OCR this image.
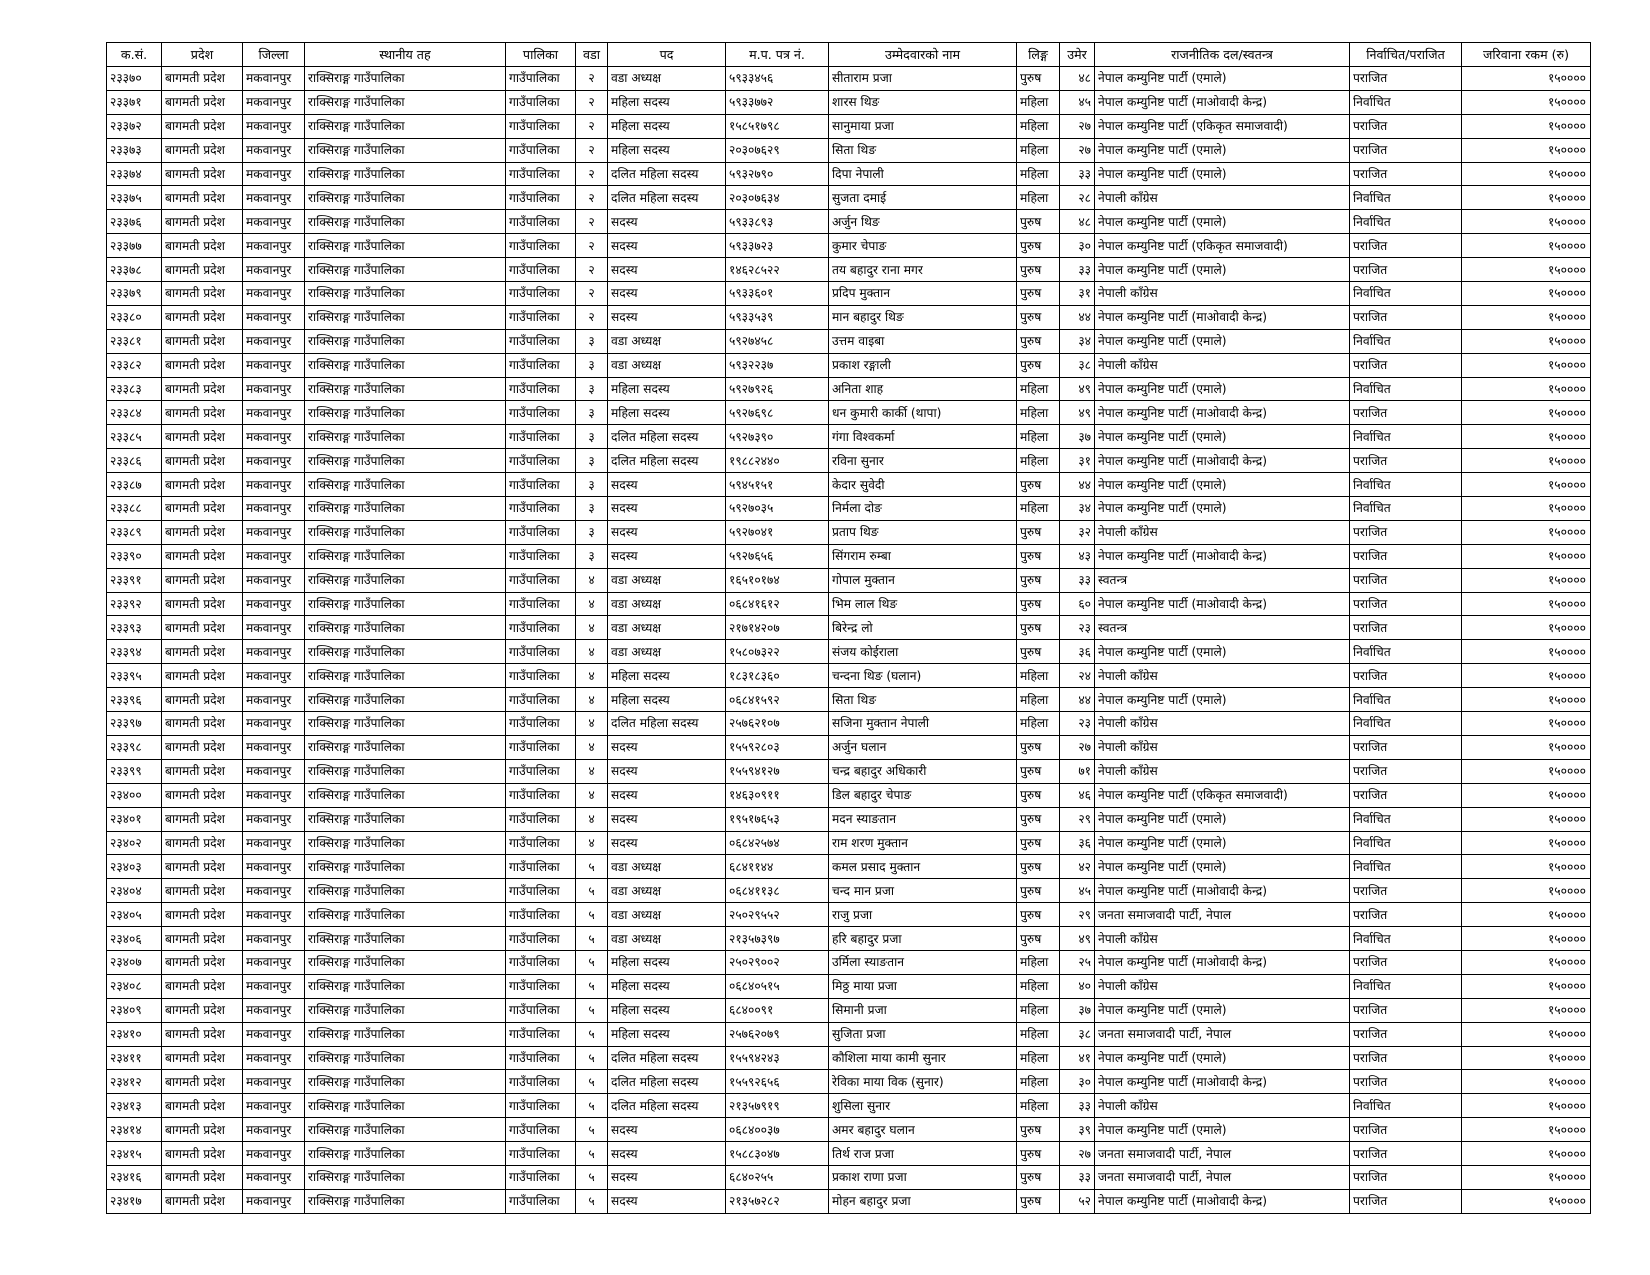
क.सं.	प्रदेश	जिल्ला	स्थानीय तह	पालिका	वडा	पद	म.प. पत्र नं.	उम्मेदवारको नाम	लिङ्ग	उमेर	राजनीतिक दल/स्वतन्त्र	निर्वाचित/पराजित	जरिवाना रकम (रु)
२३३७०	बागमती प्रदेश	मकवानपुर	राक्सिराङ्ग गाउँपालिका	गाउँपालिका	२	वडा अध्यक्ष	५९३३४५६	सीताराम प्रजा	पुरुष	४८	नेपाल कम्युनिष्ट पार्टी (एमाले)	पराजित	१५००००
२३३७१	बागमती प्रदेश	मकवानपुर	राक्सिराङ्ग गाउँपालिका	गाउँपालिका	२	महिला सदस्य	५९३३७७२	शारस थिङ	महिला	४५	नेपाल कम्युनिष्ट पार्टी (माओवादी केन्द्र)	निर्वाचित	१५००००
२३३७२	बागमती प्रदेश	मकवानपुर	राक्सिराङ्ग गाउँपालिका	गाउँपालिका	२	महिला सदस्य	१५८५१७९८	सानुमाया प्रजा	महिला	२७	नेपाल कम्युनिष्ट पार्टी (एकिकृत समाजवादी)	पराजित	१५००००
२३३७३	बागमती प्रदेश	मकवानपुर	राक्सिराङ्ग गाउँपालिका	गाउँपालिका	२	महिला सदस्य	२०३०७६२९	सिता थिङ	महिला	२७	नेपाल कम्युनिष्ट पार्टी (एमाले)	पराजित	१५००००
२३३७४	बागमती प्रदेश	मकवानपुर	राक्सिराङ्ग गाउँपालिका	गाउँपालिका	२	दलित महिला सदस्य	५९३२७९०	दिपा नेपाली	महिला	३३	नेपाल कम्युनिष्ट पार्टी (एमाले)	पराजित	१५००००
२३३७५	बागमती प्रदेश	मकवानपुर	राक्सिराङ्ग गाउँपालिका	गाउँपालिका	२	दलित महिला सदस्य	२०३०७६३४	सुजता दमाई	महिला	२८	नेपाली काँग्रेस	निर्वाचित	१५००००
२३३७६	बागमती प्रदेश	मकवानपुर	राक्सिराङ्ग गाउँपालिका	गाउँपालिका	२	सदस्य	५९३३८९३	अर्जुन थिङ	पुरुष	४८	नेपाल कम्युनिष्ट पार्टी (एमाले)	निर्वाचित	१५००००
२३३७७	बागमती प्रदेश	मकवानपुर	राक्सिराङ्ग गाउँपालिका	गाउँपालिका	२	सदस्य	५९३३७२३	कुमार चेपाङ	पुरुष	३०	नेपाल कम्युनिष्ट पार्टी (एकिकृत समाजवादी)	पराजित	१५००००
२३३७८	बागमती प्रदेश	मकवानपुर	राक्सिराङ्ग गाउँपालिका	गाउँपालिका	२	सदस्य	१४६२८५२२	तय बहादुर राना मगर	पुरुष	३३	नेपाल कम्युनिष्ट पार्टी (एमाले)	पराजित	१५००००
२३३७९	बागमती प्रदेश	मकवानपुर	राक्सिराङ्ग गाउँपालिका	गाउँपालिका	२	सदस्य	५९३३६०१	प्रदिप मुक्तान	पुरुष	३१	नेपाली काँग्रेस	निर्वाचित	१५००००
२३३८०	बागमती प्रदेश	मकवानपुर	राक्सिराङ्ग गाउँपालिका	गाउँपालिका	२	सदस्य	५९३३५३९	मान बहादुर थिङ	पुरुष	४४	नेपाल कम्युनिष्ट पार्टी (माओवादी केन्द्र)	पराजित	१५००००
२३३८१	बागमती प्रदेश	मकवानपुर	राक्सिराङ्ग गाउँपालिका	गाउँपालिका	३	वडा अध्यक्ष	५९२७४५८	उत्तम वाइबा	पुरुष	३४	नेपाल कम्युनिष्ट पार्टी (एमाले)	निर्वाचित	१५००००
२३३८२	बागमती प्रदेश	मकवानपुर	राक्सिराङ्ग गाउँपालिका	गाउँपालिका	३	वडा अध्यक्ष	५९३२२३७	प्रकाश रङ्गाली	पुरुष	३८	नेपाली काँग्रेस	पराजित	१५००००
२३३८३	बागमती प्रदेश	मकवानपुर	राक्सिराङ्ग गाउँपालिका	गाउँपालिका	३	महिला सदस्य	५९२७९२६	अनिता शाह	महिला	४९	नेपाल कम्युनिष्ट पार्टी (एमाले)	निर्वाचित	१५००००
२३३८४	बागमती प्रदेश	मकवानपुर	राक्सिराङ्ग गाउँपालिका	गाउँपालिका	३	महिला सदस्य	५९२७६९८	धन कुमारी कार्की (थापा)	महिला	४९	नेपाल कम्युनिष्ट पार्टी (माओवादी केन्द्र)	पराजित	१५००००
२३३८५	बागमती प्रदेश	मकवानपुर	राक्सिराङ्ग गाउँपालिका	गाउँपालिका	३	दलित महिला सदस्य	५९२७३९०	गंगा विश्वकर्मा	महिला	३७	नेपाल कम्युनिष्ट पार्टी (एमाले)	निर्वाचित	१५००००
२३३८६	बागमती प्रदेश	मकवानपुर	राक्सिराङ्ग गाउँपालिका	गाउँपालिका	३	दलित महिला सदस्य	१९८८२४४०	रविना सुनार	महिला	३१	नेपाल कम्युनिष्ट पार्टी (माओवादी केन्द्र)	पराजित	१५००००
२३३८७	बागमती प्रदेश	मकवानपुर	राक्सिराङ्ग गाउँपालिका	गाउँपालिका	३	सदस्य	५९४५१५१	केदार सुवेदी	पुरुष	४४	नेपाल कम्युनिष्ट पार्टी (एमाले)	निर्वाचित	१५००००
२३३८८	बागमती प्रदेश	मकवानपुर	राक्सिराङ्ग गाउँपालिका	गाउँपालिका	३	सदस्य	५९२७०३५	निर्मला दोङ	महिला	३४	नेपाल कम्युनिष्ट पार्टी (एमाले)	निर्वाचित	१५००००
२३३८९	बागमती प्रदेश	मकवानपुर	राक्सिराङ्ग गाउँपालिका	गाउँपालिका	३	सदस्य	५९२७०४१	प्रताप थिङ	पुरुष	३२	नेपाली काँग्रेस	पराजित	१५००००
२३३९०	बागमती प्रदेश	मकवानपुर	राक्सिराङ्ग गाउँपालिका	गाउँपालिका	३	सदस्य	५९२७६५६	सिंगराम रुम्बा	पुरुष	४३	नेपाल कम्युनिष्ट पार्टी (माओवादी केन्द्र)	पराजित	१५००००
२३३९१	बागमती प्रदेश	मकवानपुर	राक्सिराङ्ग गाउँपालिका	गाउँपालिका	४	वडा अध्यक्ष	१६५१०१७४	गोपाल मुक्तान	पुरुष	३३	स्वतन्त्र	पराजित	१५००००
२३३९२	बागमती प्रदेश	मकवानपुर	राक्सिराङ्ग गाउँपालिका	गाउँपालिका	४	वडा अध्यक्ष	०६८४१६१२	भिम लाल थिङ	पुरुष	६०	नेपाल कम्युनिष्ट पार्टी (माओवादी केन्द्र)	पराजित	१५००००
२३३९३	बागमती प्रदेश	मकवानपुर	राक्सिराङ्ग गाउँपालिका	गाउँपालिका	४	वडा अध्यक्ष	२१७१४२०७	बिरेन्द्र लो	पुरुष	२३	स्वतन्त्र	पराजित	१५००००
२३३९४	बागमती प्रदेश	मकवानपुर	राक्सिराङ्ग गाउँपालिका	गाउँपालिका	४	वडा अध्यक्ष	१५८०७३२२	संजय कोईराला	पुरुष	३६	नेपाल कम्युनिष्ट पार्टी (एमाले)	निर्वाचित	१५००००
२३३९५	बागमती प्रदेश	मकवानपुर	राक्सिराङ्ग गाउँपालिका	गाउँपालिका	४	महिला सदस्य	१८३१८३६०	चन्दना थिङ (घलान)	महिला	२४	नेपाली काँग्रेस	पराजित	१५००००
२३३९६	बागमती प्रदेश	मकवानपुर	राक्सिराङ्ग गाउँपालिका	गाउँपालिका	४	महिला सदस्य	०६८४१५९२	सिता थिङ	महिला	४४	नेपाल कम्युनिष्ट पार्टी (एमाले)	निर्वाचित	१५००००
२३३९७	बागमती प्रदेश	मकवानपुर	राक्सिराङ्ग गाउँपालिका	गाउँपालिका	४	दलित महिला सदस्य	२५७६२१०७	सजिना मुक्तान नेपाली	महिला	२३	नेपाली काँग्रेस	निर्वाचित	१५००००
२३३९८	बागमती प्रदेश	मकवानपुर	राक्सिराङ्ग गाउँपालिका	गाउँपालिका	४	सदस्य	१५५९२८०३	अर्जुन घलान	पुरुष	२७	नेपाली काँग्रेस	पराजित	१५००००
२३३९९	बागमती प्रदेश	मकवानपुर	राक्सिराङ्ग गाउँपालिका	गाउँपालिका	४	सदस्य	१५५९४१२७	चन्द्र बहादुर अधिकारी	पुरुष	७१	नेपाली काँग्रेस	पराजित	१५००००
२३४००	बागमती प्रदेश	मकवानपुर	राक्सिराङ्ग गाउँपालिका	गाउँपालिका	४	सदस्य	१४६३०९११	डिल बहादुर चेपाङ	पुरुष	४६	नेपाल कम्युनिष्ट पार्टी (एकिकृत समाजवादी)	पराजित	१५००००
२३४०१	बागमती प्रदेश	मकवानपुर	राक्सिराङ्ग गाउँपालिका	गाउँपालिका	४	सदस्य	१९५१७६५३	मदन स्याङतान	पुरुष	२९	नेपाल कम्युनिष्ट पार्टी (एमाले)	निर्वाचित	१५००००
२३४०२	बागमती प्रदेश	मकवानपुर	राक्सिराङ्ग गाउँपालिका	गाउँपालिका	४	सदस्य	०६८४२५७४	राम शरण मुक्तान	पुरुष	३६	नेपाल कम्युनिष्ट पार्टी (एमाले)	निर्वाचित	१५००००
२३४०३	बागमती प्रदेश	मकवानपुर	राक्सिराङ्ग गाउँपालिका	गाउँपालिका	५	वडा अध्यक्ष	६८४११४४	कमल प्रसाद मुक्तान	पुरुष	४२	नेपाल कम्युनिष्ट पार्टी (एमाले)	निर्वाचित	१५००००
२३४०४	बागमती प्रदेश	मकवानपुर	राक्सिराङ्ग गाउँपालिका	गाउँपालिका	५	वडा अध्यक्ष	०६८४११३८	चन्द मान प्रजा	पुरुष	४५	नेपाल कम्युनिष्ट पार्टी (माओवादी केन्द्र)	पराजित	१५००००
२३४०५	बागमती प्रदेश	मकवानपुर	राक्सिराङ्ग गाउँपालिका	गाउँपालिका	५	वडा अध्यक्ष	२५०२९५५२	राजु प्रजा	पुरुष	२९	जनता समाजवादी पार्टी, नेपाल	पराजित	१५००००
२३४०६	बागमती प्रदेश	मकवानपुर	राक्सिराङ्ग गाउँपालिका	गाउँपालिका	५	वडा अध्यक्ष	२१३५७३९७	हरि बहादुर प्रजा	पुरुष	४९	नेपाली काँग्रेस	निर्वाचित	१५००००
२३४०७	बागमती प्रदेश	मकवानपुर	राक्सिराङ्ग गाउँपालिका	गाउँपालिका	५	महिला सदस्य	२५०२९००२	उर्मिला स्याङतान	महिला	२५	नेपाल कम्युनिष्ट पार्टी (माओवादी केन्द्र)	पराजित	१५००००
२३४०८	बागमती प्रदेश	मकवानपुर	राक्सिराङ्ग गाउँपालिका	गाउँपालिका	५	महिला सदस्य	०६८४०५१५	मिठ्ठ माया प्रजा	महिला	४०	नेपाली काँग्रेस	निर्वाचित	१५००००
२३४०९	बागमती प्रदेश	मकवानपुर	राक्सिराङ्ग गाउँपालिका	गाउँपालिका	५	महिला सदस्य	६८४००९१	सिमानी प्रजा	महिला	३७	नेपाल कम्युनिष्ट पार्टी (एमाले)	पराजित	१५००००
२३४१०	बागमती प्रदेश	मकवानपुर	राक्सिराङ्ग गाउँपालिका	गाउँपालिका	५	महिला सदस्य	२५७६२०७९	सुजिता प्रजा	महिला	३८	जनता समाजवादी पार्टी, नेपाल	पराजित	१५००००
२३४११	बागमती प्रदेश	मकवानपुर	राक्सिराङ्ग गाउँपालिका	गाउँपालिका	५	दलित महिला सदस्य	१५५९४२४३	कौशिला माया कामी सुनार	महिला	४१	नेपाल कम्युनिष्ट पार्टी (एमाले)	पराजित	१५००००
२३४१२	बागमती प्रदेश	मकवानपुर	राक्सिराङ्ग गाउँपालिका	गाउँपालिका	५	दलित महिला सदस्य	१५५९२६५६	रेविका माया विक (सुनार)	महिला	३०	नेपाल कम्युनिष्ट पार्टी (माओवादी केन्द्र)	पराजित	१५००००
२३४१३	बागमती प्रदेश	मकवानपुर	राक्सिराङ्ग गाउँपालिका	गाउँपालिका	५	दलित महिला सदस्य	२१३५७९१९	शुसिला सुनार	महिला	३३	नेपाली काँग्रेस	निर्वाचित	१५००००
२३४१४	बागमती प्रदेश	मकवानपुर	राक्सिराङ्ग गाउँपालिका	गाउँपालिका	५	सदस्य	०६८४००३७	अमर बहादुर घलान	पुरुष	३९	नेपाल कम्युनिष्ट पार्टी (एमाले)	पराजित	१५००००
२३४१५	बागमती प्रदेश	मकवानपुर	राक्सिराङ्ग गाउँपालिका	गाउँपालिका	५	सदस्य	१५८८३०४७	तिर्थ राज प्रजा	पुरुष	२७	जनता समाजवादी पार्टी, नेपाल	पराजित	१५००००
२३४१६	बागमती प्रदेश	मकवानपुर	राक्सिराङ्ग गाउँपालिका	गाउँपालिका	५	सदस्य	६८४०२५५	प्रकाश राणा प्रजा	पुरुष	३३	जनता समाजवादी पार्टी, नेपाल	पराजित	१५००००
२३४१७	बागमती प्रदेश	मकवानपुर	राक्सिराङ्ग गाउँपालिका	गाउँपालिका	५	सदस्य	२१३५७२८२	मोहन बहादुर प्रजा	पुरुष	५२	नेपाल कम्युनिष्ट पार्टी (माओवादी केन्द्र)	पराजित	१५००००
